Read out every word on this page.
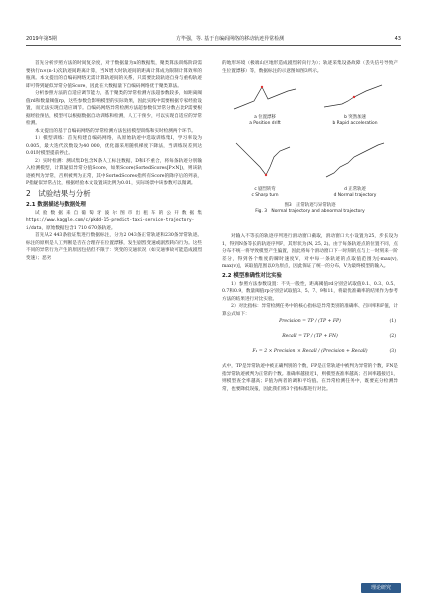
2019年第5期	方毕强，等. 基于自编码网络的移动轨迹异常检测	43

首先分析步照方法的时间复杂度，对于数据量为n的数据集，聚类算法训练阶段需要执行n×(n-1)次轨迹间距离计算，当N增大时轨迹间的距离计算成为限制计算效率的瓶颈。本文提出的自编码网络无需计算轨迹间的关系，只需要比较轨迹自身与重构轨迹即可得到疑似异常分值Score，因此在大数据量下自编码网络优于聚类算法。

分析参照方法的自适应调节能力，基于聚类的异常检测方法超参数较多，如距离阈值rd和数量阈值rp，这些参数会影响模型的实际效果，因此实践中需要根据专家经验设置，而无法实现自适应调节。自编码网络异常检测方法超参数仅异常分数占比P需要根据经验预估，模型可以根据数据自动训练和检测，人工干预少，可以实现自适应的异常检测。

本文提出的基于自编码网络的异常检测方法包括模型训练和实时检测两个环节。

1）模型训练：首先构建自编码网络，从原始轨迹中选取训练集I，学习率设为0.005，最大迭代次数设为40 000，优化器采用随机梯度下降法，当训练误差到达0.01时模型提前停止。

2）实时检测：测试集D包含N条人工标注数据，D和I不重合，将每条轨迹分别输入检测模型，计算疑似异常分值Score，如果Score(SortedScores[P×N])，则该轨迹被判为异常，否则被判为正常，其中SortedScores指所有Score的降序后的列表，P指疑似异常占比，根据经验本文设置该比例为0.01，实际场景中该参数可以微调。

2　试验结果与分析
2.1 数据描述与数据处理

试验数据来自葡萄牙波尔图市出租车的公开数据集https://www.kaggle.com/c/pkdd-15-predict-taxi-service-trajectory-i/data，原始数据包含1 710 670条轨迹。

首先从2 443条验证集进行数据标注，分为2 043条正常轨迹和230条异常轨迹。标注的原则是人工判断是否在合理存在位置漂移，发生剧烈变速或剧烈转向行为。这些不同的异常行为产生的原因包括但不限于：突变的交通状况（如交通事故可能造成剧烈变速）；恶劣

的地形环境（极端山区地形造成剧烈转向行为）；轨迹采集设备故障（丢失信号导致产生位置漂移）等，数据标注的示意图如图3所示。

a 位置漂移
a Position drift
b 突然加速
b Rapid acceleration
c 剧烈转弯
c Sharp turn
d 正常轨迹
d Normal trajectory
图3　正常轨迹与异常轨迹
Fig. 3　Normal trajectory and abnormal trajectory

对输入不等长的轨迹序列进行滑动窗口截取，滑动窗口大小设置为25，步长设为1，得到N条等长的轨迹序列F，其形状为(N, 25, 2)。由于每条轨迹点的位置不同，点分布不统一将导致模型产生偏置，因此将每个滑动窗口下一时刻的点与上一时刻来一阶差分，得到各个维度的瞬时速度V，对中每一条轨迹的点取值范围为[-max(v), max(v)]，该取值范围以0为原点，因此保证了统一的分布，V为最终模型的输入。

2.2 模型准确性对比实验

1）参照方法参数设置：不失一般性，距离阈值rd分别尝试取值0.1、0.3、0.5、0.7和0.9，数量阈值rp分别尝试取值3、5、7、9和11，将最优准确率的结果作为参考方法的结果进行对比实验。

2）对比指标：异常检测任务中的核心指标是异常类别的准确率、召回率和F值，计算公式如下：

Precision = TP / (TP + FP)	(1)
Recall = TP / (TP + FN)	(2)
F₁ = 2 × Precision × Recall / (Precision + Recall)	(3)

式中，TP是异常轨迹中被正确判别的个数，FP是正常轨迹中被判为异常的个数，FN是指异常轨迹被判为正常的个数。准确率越接近1，则模型查准率越高；召回率越接近1，则模型查全率越高；F值为两者的调和平均值。在异常检测任务中，既要充分检测异常，也要降低误报，因此我们将3个指标都进行对比。

理论研究
